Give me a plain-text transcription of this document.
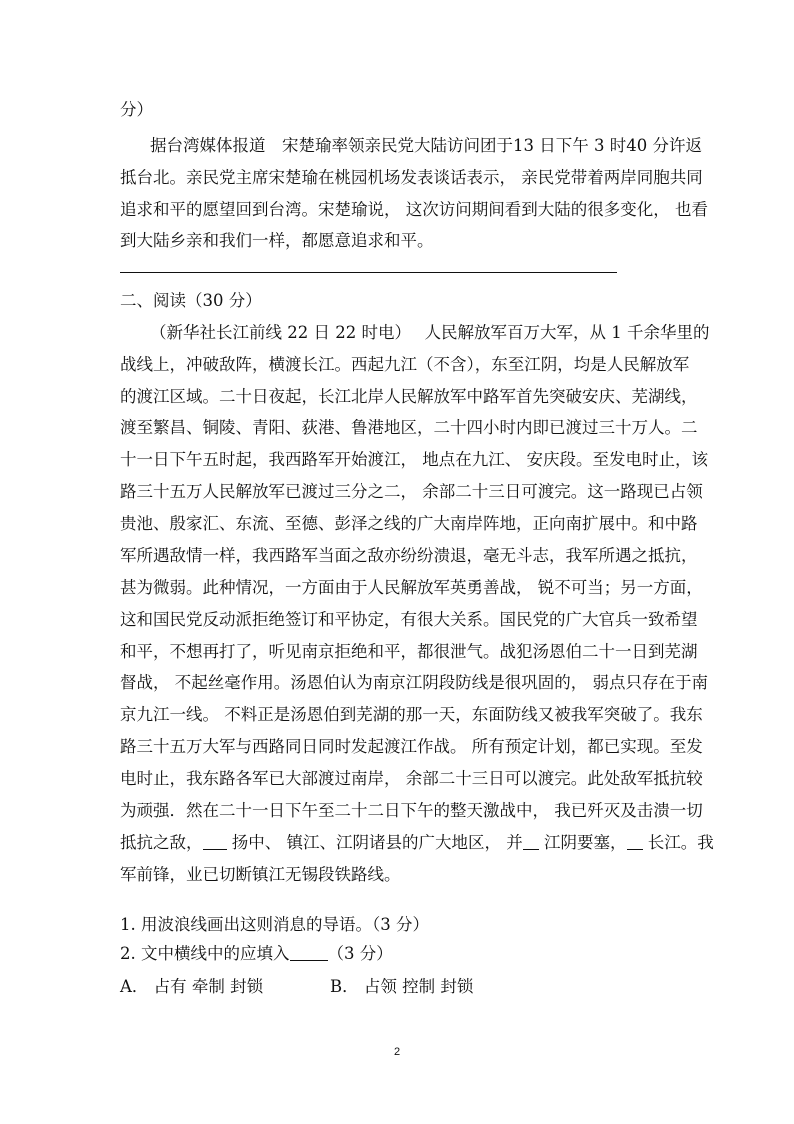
分）
据台湾媒体报道　宋楚瑜率领亲民党大陆访问团于13 日下午 3 时40 分许返
抵台北。亲民党主席宋楚瑜在桃园机场发表谈话表示， 亲民党带着两岸同胞共同
追求和平的愿望回到台湾。宋楚瑜说， 这次访问期间看到大陆的很多变化， 也看
到大陆乡亲和我们一样，都愿意追求和平。
二、阅读（30 分）
（新华社长江前线 22 日 22 时电）　 人民解放军百万大军，从 1 千余华里的
战线上，冲破敌阵，横渡长江。西起九江（不含），东至江阴，均是人民解放军
的渡江区域。二十日夜起，长江北岸人民解放军中路军首先突破安庆、芜湖线，
渡至繁昌、铜陵、青阳、荻港、鲁港地区，二十四小时内即已渡过三十万人。二
十一日下午五时起，我西路军开始渡江， 地点在九江、 安庆段。至发电时止，该
路三十五万人民解放军已渡过三分之二， 余部二十三日可渡完。这一路现已占领
贵池、殷家汇、东流、至德、彭泽之线的广大南岸阵地，正向南扩展中。和中路
军所遇敌情一样，我西路军当面之敌亦纷纷溃退，毫无斗志，我军所遇之抵抗，
甚为微弱。此种情况，一方面由于人民解放军英勇善战， 锐不可当；另一方面，
这和国民党反动派拒绝签订和平协定，有很大关系。国民党的广大官兵一致希望
和平，不想再打了，听见南京拒绝和平，都很泄气。战犯汤恩伯二十一日到芜湖
督战， 不起丝毫作用。汤恩伯认为南京江阴段防线是很巩固的， 弱点只存在于南
京九江一线。 不料正是汤恩伯到芜湖的那一天，东面防线又被我军突破了。我东
路三十五万大军与西路同日同时发起渡江作战。 所有预定计划，都已实现。至发
电时止，我东路各军已大部渡过南岸， 余部二十三日可以渡完。此处敌军抵抗较
为顽强．然在二十一日下午至二十二日下午的整天激战中， 我已歼灭及击溃一切
抵抗之敌， 扬中、 镇江、江阴诸县的广大地区， 并 江阴要塞， 长江。我
军前锋，业已切断镇江无锡段铁路线。
1. 用波浪线画出这则消息的导语。（3 分）
2. 文中横线中的应填入 （3 分）
A． 占有 牵制 封锁	B． 占领 控制 封锁
2
